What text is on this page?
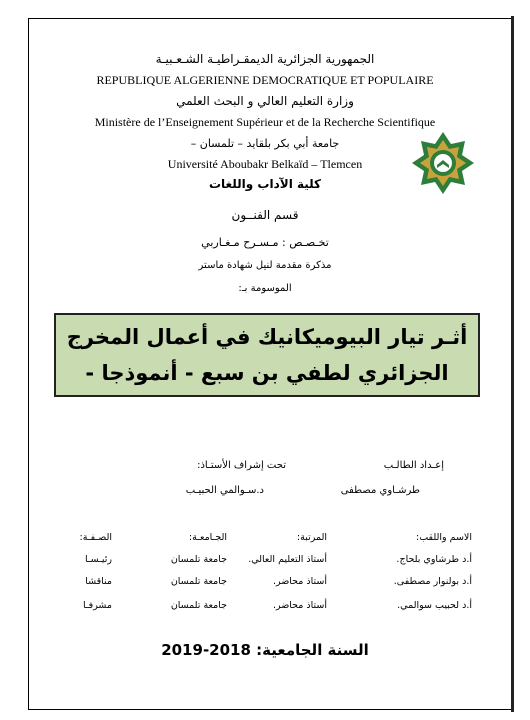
الجمهورية الجزائرية الديمقـراطيـة الشـعـبيـة
REPUBLIQUE ALGERIENNE DEMOCRATIQUE ET POPULAIRE
وزارة التعليم العالي و البحث العلمي
Ministère de l’Enseignement Supérieur et de la Recherche Scientifique
جامعة أبي بكر بلقايد – تلمسان –
Université Aboubakr Belkaïd – Tlemcen
كلية الآداب واللغات
قسم الفنــون
تخـصـص : مـسـرح مـغـاربي
مذكرة مقدمة لنيل شهادة ماستر
الموسومة بـ:
أثـر تيار البيوميكانيك في أعمال المخرج
الجزائري لطفي بن سبع - أنموذجا -
إعـداد الطالـب
تحت إشراف الأستـاذ:
طرشـاوي مصطفى
د.سـوالمي الحبيـب
الاسم واللقب:
المرتبة:
الجـامعـة:
الصـفـة:
أ.د طرشاوي بلحاج.
أستاذ التعليم العالي.
جامعة تلمسان
رئيـسـا
أ.د بولنوار مصطفى.
أستاذ محاضر.
جامعة تلمسان
مناقشا
أ.د لحبيب سوالمي.
أستاذ محاضر.
جامعة تلمسان
مشرفـا
السنة الجامعية: 2018-2019
